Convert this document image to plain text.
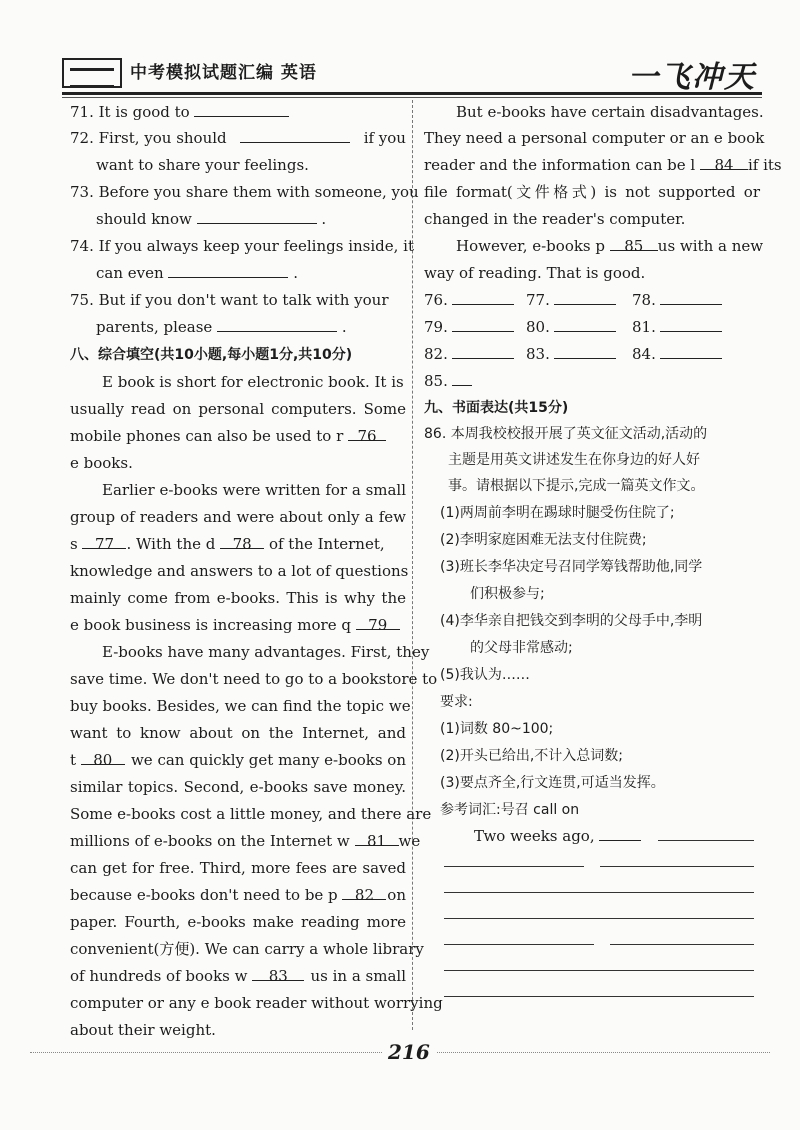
中考模拟试题汇编 英语	一飞冲天
71. It is good to
72. First, you should	if you
want to share your feelings.
73. Before you share them with someone, you
should know	.
74. If you always keep your feelings inside, it
can even	.
75. But if you don't want to talk with your
parents, please	.
八、综合填空(共10小题,每小题1分,共10分)
E book is short for electronic book. It is
usually read on personal computers. Some
mobile phones can also be used to r 76
e books.
Earlier e-books were written for a small
group of readers and were about only a few
s 77 . With the d 78 of the Internet,
knowledge and answers to a lot of questions
mainly come from e-books. This is why the
e book business is increasing more q 79
E-books have many advantages. First, they
save time. We don't need to go to a bookstore to
buy books. Besides, we can find the topic we
want to know about on the Internet, and
t 80	we can quickly get many e-books on
similar topics. Second, e-books save money.
Some e-books cost a little money, and there are
millions of e-books on the Internet w 81 we
can get for free. Third, more fees are saved
because e-books don't need to be p 82 on
paper. Fourth, e-books make reading more
convenient(方便). We can carry a whole library
of hundreds of books w 83	us in a small
computer or any e book reader without worrying
about their weight.
But e-books have certain disadvantages.
They need a personal computer or an e book
reader and the information can be l 84 if its
file format(文件格式) is not supported or
changed in the reader's computer.
However, e-books p 85 us with a new
way of reading. That is good.
76.	77.	78.
79.	80.	81.
82.	83.	84.
85.
九、书面表达(共15分)
86. 本周我校校报开展了英文征文活动,活动的
主题是用英文讲述发生在你身边的好人好
事。请根据以下提示,完成一篇英文作文。
(1)两周前李明在踢球时腿受伤住院了;
(2)李明家庭困难无法支付住院费;
(3)班长李华决定号召同学筹钱帮助他,同学
们积极参与;
(4)李华亲自把钱交到李明的父母手中,李明
的父母非常感动;
(5)我认为……
要求:
(1)词数 80~100;
(2)开头已给出,不计入总词数;
(3)要点齐全,行文连贯,可适当发挥。
参考词汇:号召 call on
Two weeks ago,
216
